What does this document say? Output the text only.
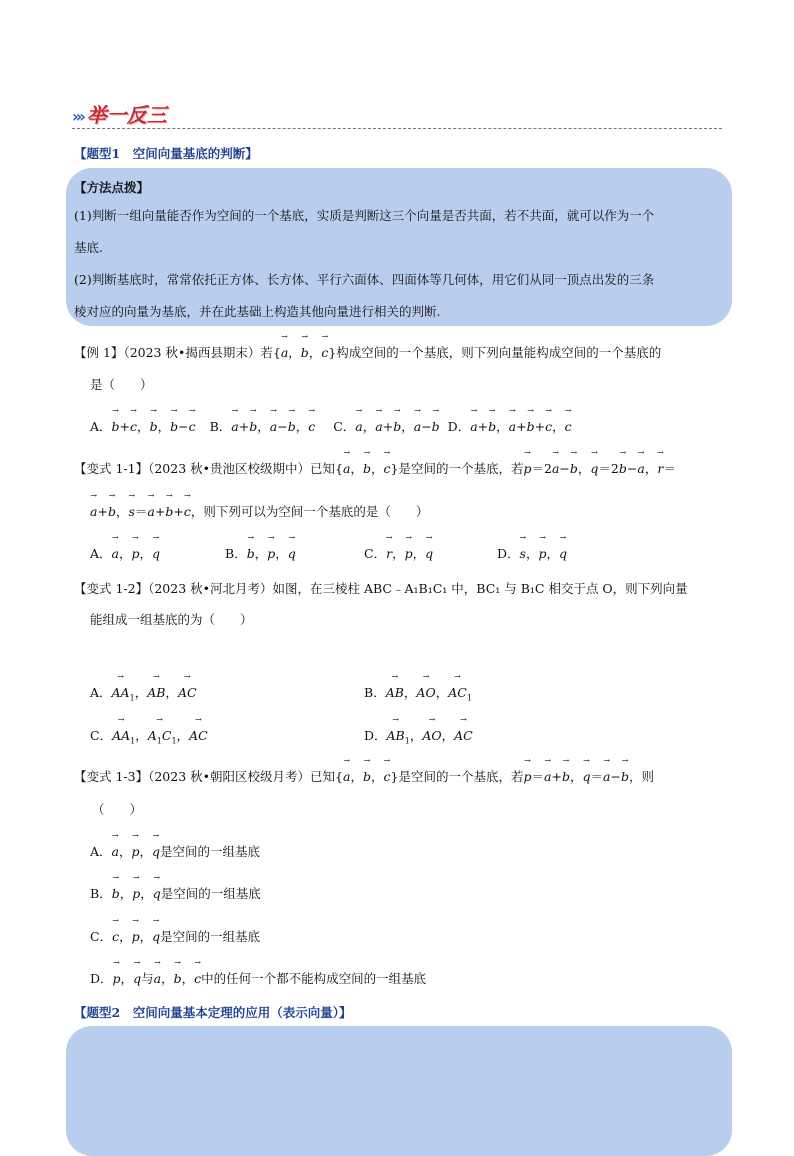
››› 举一反三
【题型1　空间向量基底的判断】
【方法点拨】
(1)判断一组向量能否作为空间的一个基底，实质是判断这三个向量是否共面，若不共面，就可以作为一个
基底.
(2)判断基底时，常常依托正方体、长方体、平行六面体、四面体等几何体，用它们从同一顶点出发的三条
棱对应的向量为基底，并在此基础上构造其他向量进行相关的判断.
【例 1】（2023 秋•揭西县期末）若{→ a，→ b，→ c}构成空间的一个基底，则下列向量能构成空间的一个基底的
是（　　）
A．→ b+→ c，→ b，→ b−→ c B．→ a+→ b，→ a−→ b，→ c C．→ a，→ a+→ b，→ a−→ b D．→ a+→ b，→ a+→ b+→ c，→ c
【变式 1-1】（2023 秋•贵池区校级期中）已知{→ a，→ b，→ c}是空间的一个基底，若→ p＝2→ a−→ b，→ q＝2→ b−→ a，→ r＝
→ a+→ b，→ s＝→ a+→ b+→ c，则下列可以为空间一个基底的是（　　）
A．→ a，→ p，→ q	B．→ b，→ p，→ q	C．→ r，→ p，→ q	D．→ s，→ p，→ q
【变式 1-2】（2023 秋•河北月考）如图，在三棱柱 ABC﹣A₁B₁C₁ 中，BC₁ 与 B₁C 相交于点 O，则下列向量
能组成一组基底的为（　　）
A．→ $AA_1$，→ AB，→ AC	B．→ AB，→ AO，→ $AC_1$
C．→ $AA_1$，→ $A_1C_1$，→ AC	D．→ $AB_1$，→ AO，→ AC
【变式 1-3】（2023 秋•朝阳区校级月考）已知{→ a，→ b，→ c}是空间的一个基底，若→ p＝→ a+→ b，→ q＝→ a−→ b，则
（　　）
A．→ a，→ p，→ q是空间的一组基底
B．→ b，→ p，→ q是空间的一组基底
C．→ c，→ p，→ q是空间的一组基底
D．→ p，→ q与→ a，→ b，→ c中的任何一个都不能构成空间的一组基底
【题型2　空间向量基本定理的应用（表示向量）】
